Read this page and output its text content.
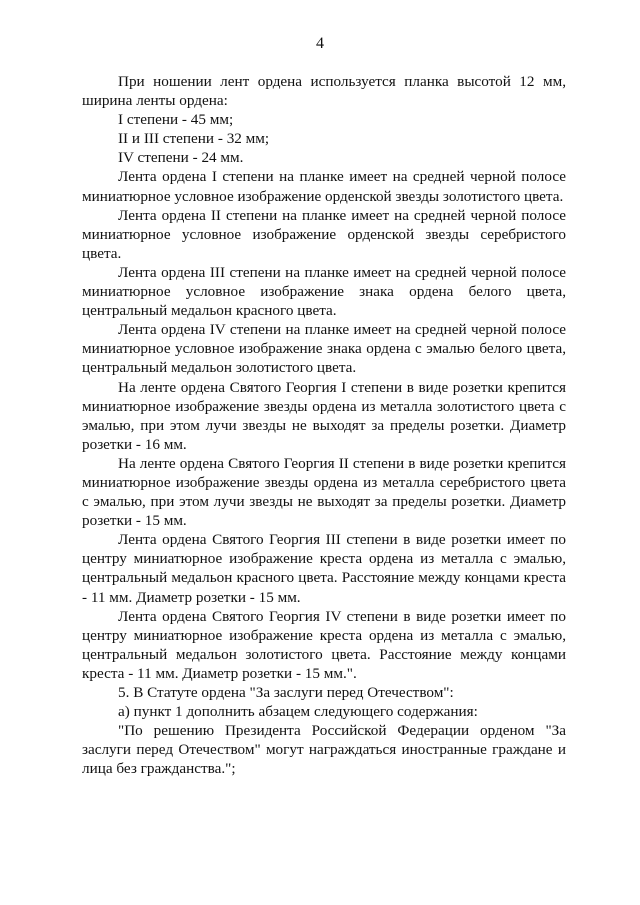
4

При ношении лент ордена используется планка высотой 12 мм, ширина ленты ордена:

I степени - 45 мм;

II и III степени - 32 мм;

IV степени - 24 мм.

Лента ордена I степени на планке имеет на средней черной полосе миниатюрное условное изображение орденской звезды золотистого цвета.

Лента ордена II степени на планке имеет на средней черной полосе миниатюрное условное изображение орденской звезды серебристого цвета.

Лента ордена III степени на планке имеет на средней черной полосе миниатюрное условное изображение знака ордена белого цвета, центральный медальон красного цвета.

Лента ордена IV степени на планке имеет на средней черной полосе миниатюрное условное изображение знака ордена с эмалью белого цвета, центральный медальон золотистого цвета.

На ленте ордена Святого Георгия I степени в виде розетки крепится миниатюрное изображение звезды ордена из металла золотистого цвета с эмалью, при этом лучи звезды не выходят за пределы розетки. Диаметр розетки - 16 мм.

На ленте ордена Святого Георгия II степени в виде розетки крепится миниатюрное изображение звезды ордена из металла серебристого цвета с эмалью, при этом лучи звезды не выходят за пределы розетки. Диаметр розетки - 15 мм.

Лента ордена Святого Георгия III степени в виде розетки имеет по центру миниатюрное изображение креста ордена из металла с эмалью, центральный медальон красного цвета. Расстояние между концами креста - 11 мм. Диаметр розетки - 15 мм.

Лента ордена Святого Георгия IV степени в виде розетки имеет по центру миниатюрное изображение креста ордена из металла с эмалью, центральный медальон золотистого цвета. Расстояние между концами креста - 11 мм. Диаметр розетки - 15 мм.".

5. В Статуте ордена "За заслуги перед Отечеством":

а) пункт 1 дополнить абзацем следующего содержания:

"По решению Президента Российской Федерации орденом "За заслуги перед Отечеством" могут награждаться иностранные граждане и лица без гражданства.";
